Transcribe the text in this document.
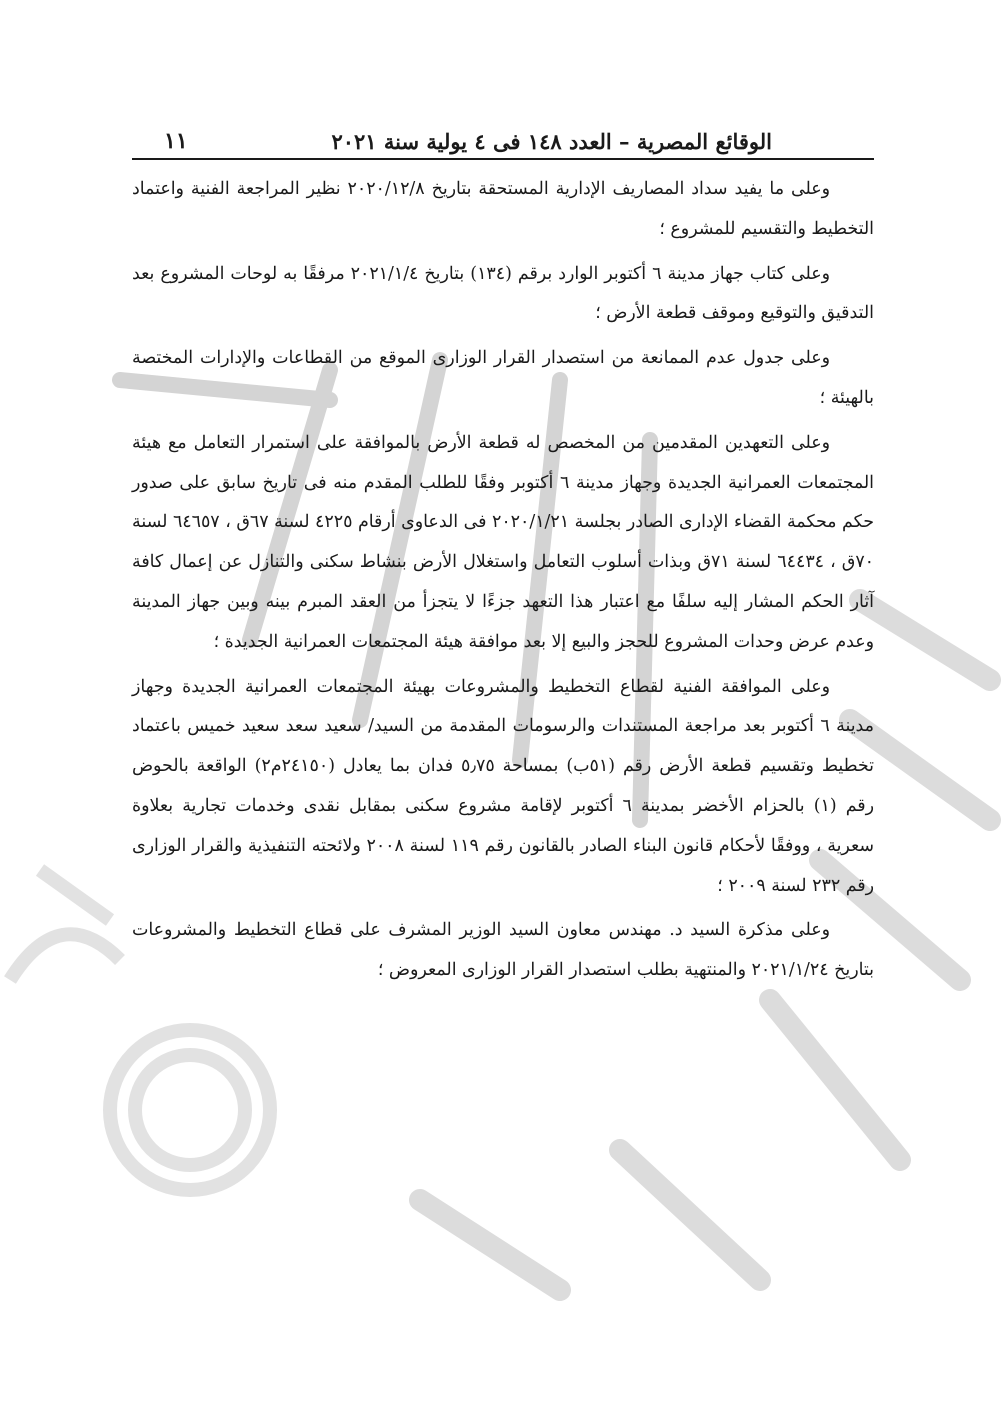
الوقائع المصرية – العدد ١٤٨ فى ٤ يولية سنة ٢٠٢١
١١

وعلى ما يفيد سداد المصاريف الإدارية المستحقة بتاريخ ٢٠٢٠/١٢/٨ نظير المراجعة الفنية واعتماد التخطيط والتقسيم للمشروع ؛

وعلى كتاب جهاز مدينة ٦ أكتوبر الوارد برقم (١٣٤) بتاريخ ٢٠٢١/١/٤ مرفقًا به لوحات المشروع بعد التدقيق والتوقيع وموقف قطعة الأرض ؛

وعلى جدول عدم الممانعة من استصدار القرار الوزارى الموقع من القطاعات والإدارات المختصة بالهيئة ؛

وعلى التعهدين المقدمين من المخصص له قطعة الأرض بالموافقة على استمرار التعامل مع هيئة المجتمعات العمرانية الجديدة وجهاز مدينة ٦ أكتوبر وفقًا للطلب المقدم منه فى تاريخ سابق على صدور حكم محكمة القضاء الإدارى الصادر بجلسة ٢٠٢٠/١/٢١ فى الدعاوى أرقام ٤٢٢٥ لسنة ٦٧ق ، ٦٤٦٥٧ لسنة ٧٠ق ، ٦٤٤٣٤ لسنة ٧١ق وبذات أسلوب التعامل واستغلال الأرض بنشاط سكنى والتنازل عن إعمال كافة آثار الحكم المشار إليه سلفًا مع اعتبار هذا التعهد جزءًا لا يتجزأ من العقد المبرم بينه وبين جهاز المدينة وعدم عرض وحدات المشروع للحجز والبيع إلا بعد موافقة هيئة المجتمعات العمرانية الجديدة ؛

وعلى الموافقة الفنية لقطاع التخطيط والمشروعات بهيئة المجتمعات العمرانية الجديدة وجهاز مدينة ٦ أكتوبر بعد مراجعة المستندات والرسومات المقدمة من السيد/ سعيد سعد سعيد خميس باعتماد تخطيط وتقسيم قطعة الأرض رقم (٥١ب) بمساحة ٥٫٧٥ فدان بما يعادل (٢٤١٥٠م٢) الواقعة بالحوض رقم (١) بالحزام الأخضر بمدينة ٦ أكتوبر لإقامة مشروع سكنى بمقابل نقدى وخدمات تجارية بعلاوة سعرية ، ووفقًا لأحكام قانون البناء الصادر بالقانون رقم ١١٩ لسنة ٢٠٠٨ ولائحته التنفيذية والقرار الوزارى رقم ٢٣٢ لسنة ٢٠٠٩ ؛

وعلى مذكرة السيد د. مهندس معاون السيد الوزير المشرف على قطاع التخطيط والمشروعات بتاريخ ٢٠٢١/١/٢٤ والمنتهية بطلب استصدار القرار الوزارى المعروض ؛
